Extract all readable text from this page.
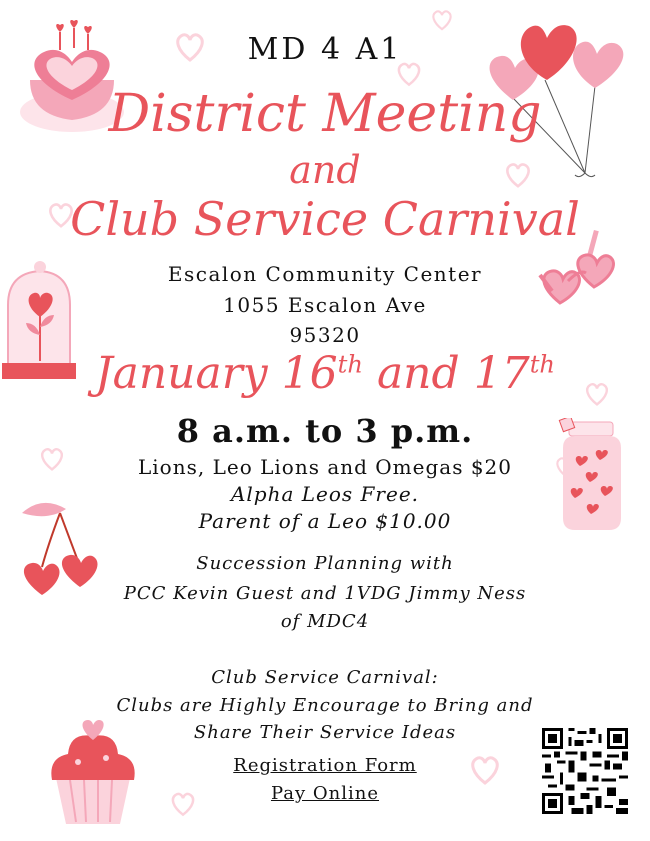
MD 4 A1
District Meeting
and
Club Service Carnival
Escalon Community Center
1055 Escalon Ave
95320
January 16th and 17th
8 a.m. to 3 p.m.
Lions, Leo Lions and Omegas $20
Alpha Leos Free.
Parent of a Leo $10.00
Succession Planning with
PCC Kevin Guest and 1VDG Jimmy Ness
of MDC4
Club Service Carnival:
Clubs are Highly Encourage to Bring and
Share Their Service Ideas
Registration Form
Pay Online
